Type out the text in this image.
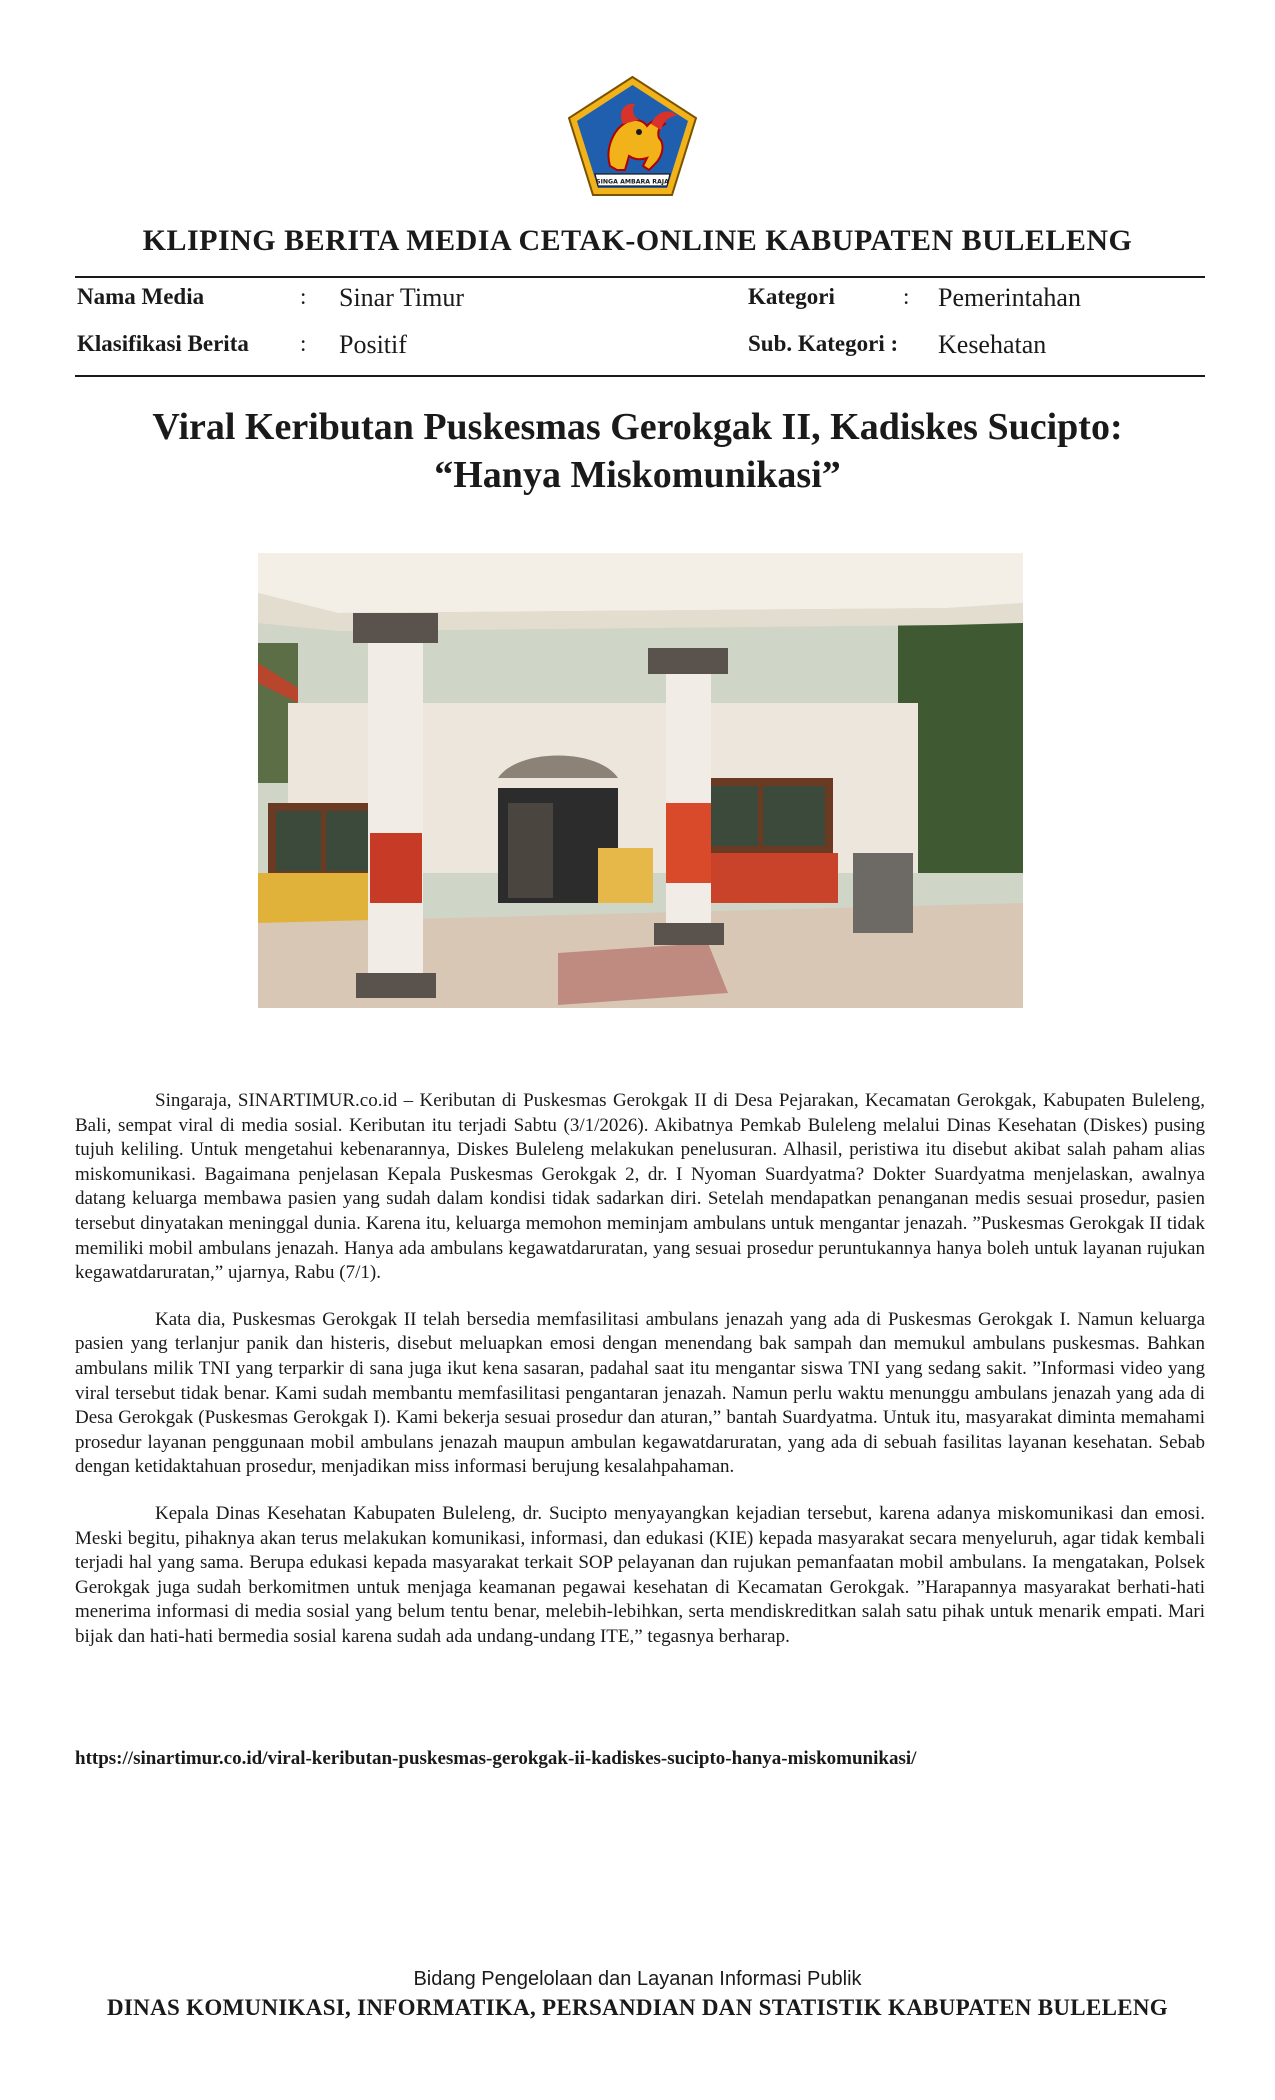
SINGA AMBARA RAJA
KLIPING BERITA MEDIA CETAK-ONLINE KABUPATEN BULELENG
Nama Media	: Sinar Timur	Kategori	: Pemerintahan
Klasifikasi Berita : Positif	Sub. Kategori : Kesehatan
Viral Keributan Puskesmas Gerokgak II, Kadiskes Sucipto:
“Hanya Miskomunikasi”

Singaraja, SINARTIMUR.co.id – Keributan di Puskesmas Gerokgak II di Desa Pejarakan, Kecamatan Gerokgak, Kabupaten Buleleng, Bali, sempat viral di media sosial. Keributan itu terjadi Sabtu (3/1/2026). Akibatnya Pemkab Buleleng melalui Dinas Kesehatan (Diskes) pusing tujuh keliling. Untuk mengetahui kebenarannya, Diskes Buleleng melakukan penelusuran. Alhasil, peristiwa itu disebut akibat salah paham alias miskomunikasi. Bagaimana penjelasan Kepala Puskesmas Gerokgak 2, dr. I Nyoman Suardyatma? Dokter Suardyatma menjelaskan, awalnya datang keluarga membawa pasien yang sudah dalam kondisi tidak sadarkan diri. Setelah mendapatkan penanganan medis sesuai prosedur, pasien tersebut dinyatakan meninggal dunia. Karena itu, keluarga memohon meminjam ambulans untuk mengantar jenazah. ”Puskesmas Gerokgak II tidak memiliki mobil ambulans jenazah. Hanya ada ambulans kegawatdaruratan, yang sesuai prosedur peruntukannya hanya boleh untuk layanan rujukan kegawatdaruratan,” ujarnya, Rabu (7/1).

Kata dia, Puskesmas Gerokgak II telah bersedia memfasilitasi ambulans jenazah yang ada di Puskesmas Gerokgak I. Namun keluarga pasien yang terlanjur panik dan histeris, disebut meluapkan emosi dengan menendang bak sampah dan memukul ambulans puskesmas. Bahkan ambulans milik TNI yang terparkir di sana juga ikut kena sasaran, padahal saat itu mengantar siswa TNI yang sedang sakit. ”Informasi video yang viral tersebut tidak benar. Kami sudah membantu memfasilitasi pengantaran jenazah. Namun perlu waktu menunggu ambulans jenazah yang ada di Desa Gerokgak (Puskesmas Gerokgak I). Kami bekerja sesuai prosedur dan aturan,” bantah Suardyatma. Untuk itu, masyarakat diminta memahami prosedur layanan penggunaan mobil ambulans jenazah maupun ambulan kegawatdaruratan, yang ada di sebuah fasilitas layanan kesehatan. Sebab dengan ketidaktahuan prosedur, menjadikan miss informasi berujung kesalahpahaman.

Kepala Dinas Kesehatan Kabupaten Buleleng, dr. Sucipto menyayangkan kejadian tersebut, karena adanya miskomunikasi dan emosi. Meski begitu, pihaknya akan terus melakukan komunikasi, informasi, dan edukasi (KIE) kepada masyarakat secara menyeluruh, agar tidak kembali terjadi hal yang sama. Berupa edukasi kepada masyarakat terkait SOP pelayanan dan rujukan pemanfaatan mobil ambulans. Ia mengatakan, Polsek Gerokgak juga sudah berkomitmen untuk menjaga keamanan pegawai kesehatan di Kecamatan Gerokgak. ”Harapannya masyarakat berhati-hati menerima informasi di media sosial yang belum tentu benar, melebih-lebihkan, serta mendiskreditkan salah satu pihak untuk menarik empati. Mari bijak dan hati-hati bermedia sosial karena sudah ada undang-undang ITE,” tegasnya berharap.

https://sinartimur.co.id/viral-keributan-puskesmas-gerokgak-ii-kadiskes-sucipto-hanya-miskomunikasi/
Bidang Pengelolaan dan Layanan Informasi Publik
DINAS KOMUNIKASI, INFORMATIKA, PERSANDIAN DAN STATISTIK KABUPATEN BULELENG
